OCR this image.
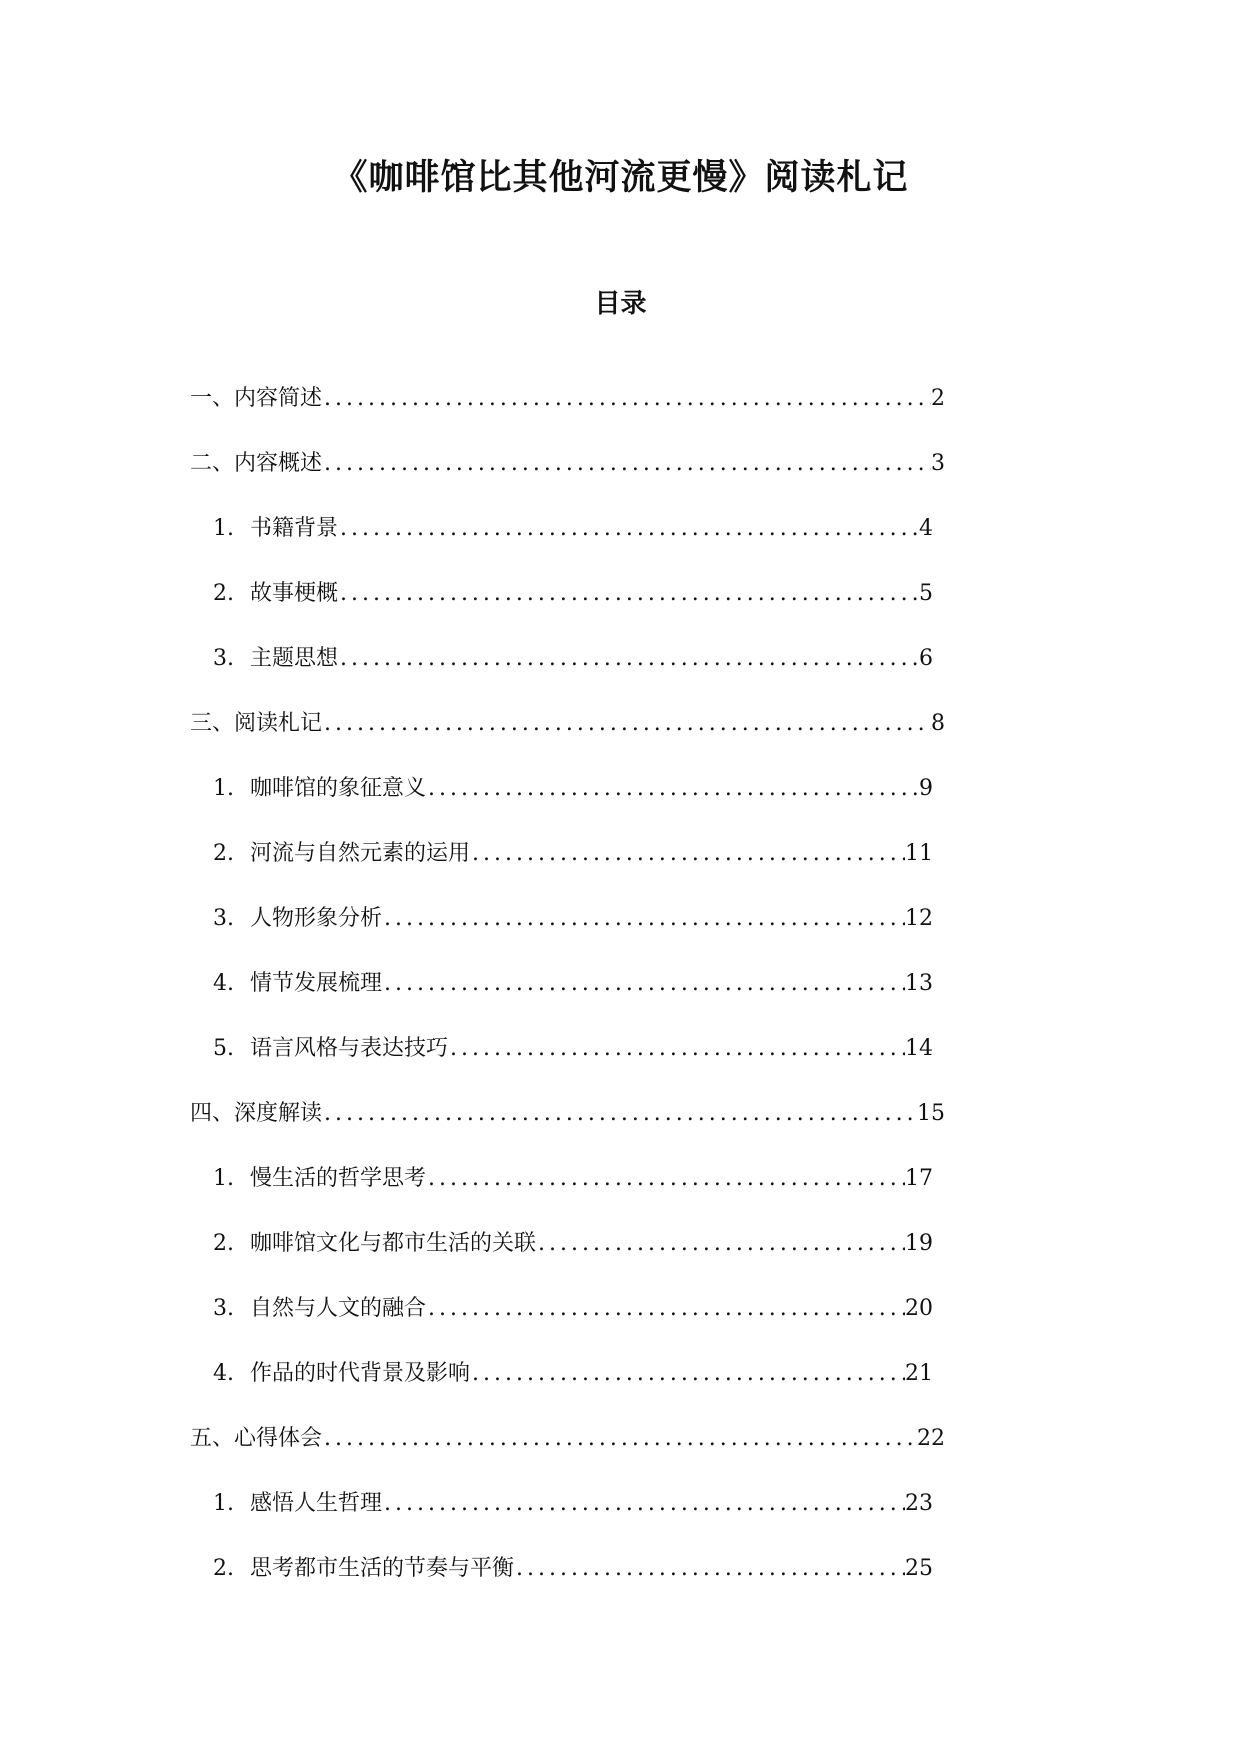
《咖啡馆比其他河流更慢》阅读札记
目录
一、内容简述 .....	2
二、内容概述 .....	3
1. 书籍背景 .....	4
2. 故事梗概 .....	5
3. 主题思想 .....	6
三、阅读札记 .....	8
1. 咖啡馆的象征意义 .....	9
2. 河流与自然元素的运用 .....	11
3. 人物形象分析 .....	12
4. 情节发展梳理 .....	13
5. 语言风格与表达技巧 .....	14
四、深度解读 .....	15
1. 慢生活的哲学思考 .....	17
2. 咖啡馆文化与都市生活的关联 .....	19
3. 自然与人文的融合 .....	20
4. 作品的时代背景及影响 .....	21
五、心得体会 .....	22
1. 感悟人生哲理 .....	23
2. 思考都市生活的节奏与平衡 .....	25
